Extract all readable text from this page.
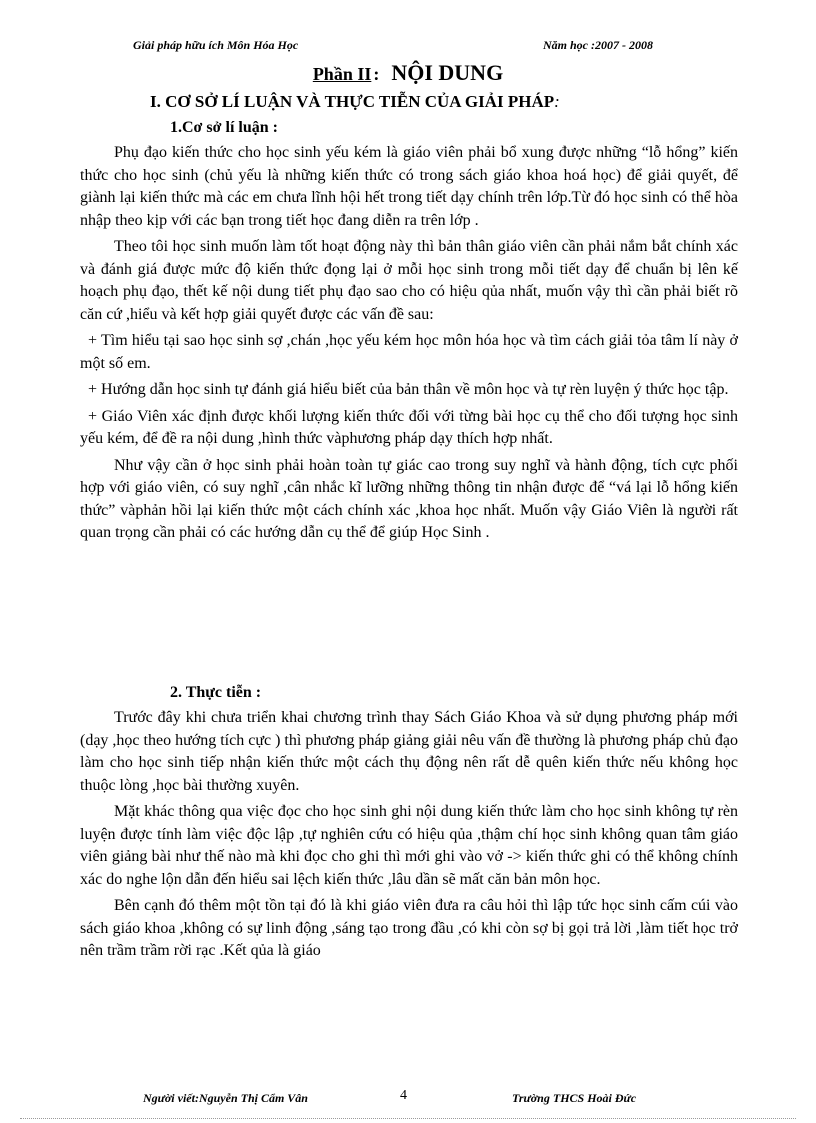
Giải pháp hữu ích Môn Hóa Học	Năm học :2007 - 2008
Phần II : NỘI DUNG
I. CƠ SỞ LÍ LUẬN VÀ THỰC TIỄN CỦA GIẢI PHÁP:
1.Cơ sở lí luận :

Phụ đạo kiến thức cho học sinh yếu kém là giáo viên phải bổ xung được những “lỗ hổng” kiến thức cho học sinh (chủ yếu là những kiến thức có trong sách giáo khoa hoá học) để giải quyết, để giành lại kiến thức mà các em chưa lĩnh hội hết trong tiết dạy chính trên lớp.Từ đó học sinh có thể hòa nhập theo kịp với các bạn trong tiết học đang diễn ra trên lớp .

Theo tôi học sinh muốn làm tốt hoạt động này thì bản thân giáo viên cần phải nắm bắt chính xác và đánh giá được mức độ kiến thức đọng lại ở mỗi học sinh trong mỗi tiết dạy để chuẩn bị lên kế hoạch phụ đạo, thết kế nội dung tiết phụ đạo sao cho có hiệu qủa nhất, muốn vậy thì cần phải biết rõ căn cứ ,hiểu và kết hợp giải quyết được các vấn đề sau:

+ Tìm hiểu tại sao học sinh sợ ,chán ,học yếu kém học môn hóa học và tìm cách giải tỏa tâm lí này ở một số em.

+ Hướng dẫn học sinh tự đánh giá hiểu biết của bản thân về môn học và tự rèn luyện ý thức học tập.

+ Giáo Viên xác định được khối lượng kiến thức đối với từng bài học cụ thể cho đối tượng học sinh yếu kém, để đề ra nội dung ,hình thức vàphương pháp dạy thích hợp nhất.

Như vậy cần ở học sinh phải hoàn toàn tự giác cao trong suy nghĩ và hành động, tích cực phối hợp với giáo viên, có suy nghĩ ,cân nhắc kĩ lưỡng những thông tin nhận được để “vá lại lỗ hổng kiến thức” vàphản hồi lại kiến thức một cách chính xác ,khoa học nhất. Muốn vậy Giáo Viên là người rất quan trọng cần phải có các hướng dẫn cụ thể để giúp Học Sinh .

2. Thực tiễn :

Trước đây khi chưa triển khai chương trình thay Sách Giáo Khoa và sử dụng phương pháp mới (dạy ,học theo hướng tích cực ) thì phương pháp giảng giải nêu vấn đề thường là phương pháp chủ đạo làm cho học sinh tiếp nhận kiến thức một cách thụ động nên rất dễ quên kiến thức nếu không học thuộc lòng ,học bài thường xuyên.

Mặt khác thông qua việc đọc cho học sinh ghi nội dung kiến thức làm cho học sinh không tự rèn luyện được tính làm việc độc lập ,tự nghiên cứu có hiệu qủa ,thậm chí học sinh không quan tâm giáo viên giảng bài như thế nào mà khi đọc cho ghi thì mới ghi vào vở -> kiến thức ghi có thể không chính xác do nghe lộn dẫn đến hiểu sai lệch kiến thức ,lâu dần sẽ mất căn bản môn học.

Bên cạnh đó thêm một tồn tại đó là khi giáo viên đưa ra câu hỏi thì lập tức học sinh cấm cúi vào sách giáo khoa ,không có sự linh động ,sáng tạo trong đầu ,có khi còn sợ bị gọi trả lời ,làm tiết học trở nên trầm trầm rời rạc .Kết qủa là giáo

Người viết:Nguyễn Thị Cẩm Vân	4	Trường THCS Hoài Đức
